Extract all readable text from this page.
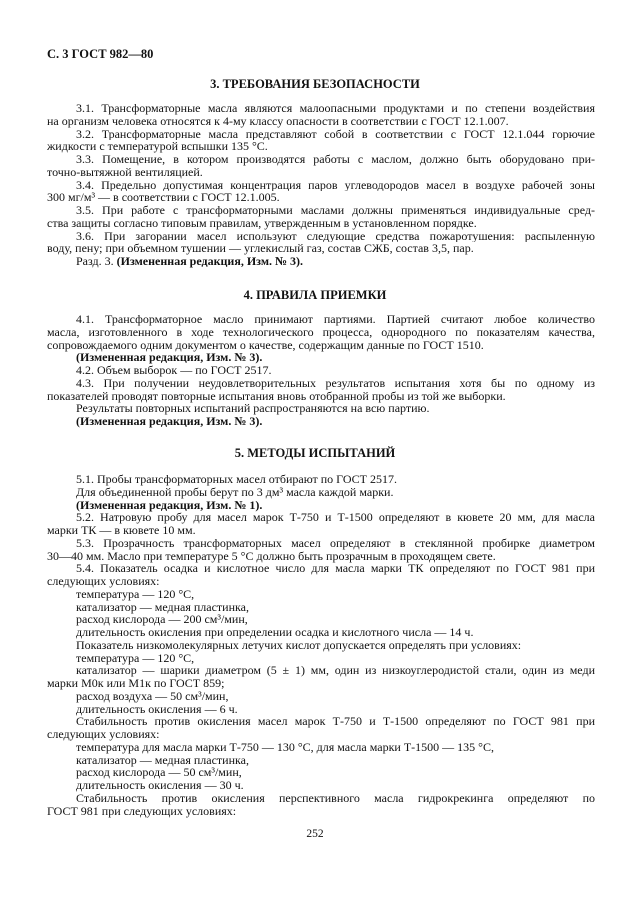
С. 3 ГОСТ 982—80
3. ТРЕБОВАНИЯ БЕЗОПАСНОСТИ
3.1. Трансформаторные масла являются малоопасными продуктами и по степени воздействия
на организм человека относятся к 4-му классу опасности в соответствии с ГОСТ 12.1.007.
3.2. Трансформаторные масла представляют собой в соответствии с ГОСТ 12.1.044 горючие
жидкости с температурой вспышки 135 °С.
3.3. Помещение, в котором производятся работы с маслом, должно быть оборудовано при-
точно-вытяжной вентиляцией.
3.4. Предельно допустимая концентрация паров углеводородов масел в воздухе рабочей зоны
300 мг/м³ — в соответствии с ГОСТ 12.1.005.
3.5. При работе с трансформаторными маслами должны применяться индивидуальные сред-
ства защиты согласно типовым правилам, утвержденным в установленном порядке.
3.6. При загорании масел используют следующие средства пожаротушения: распыленную
воду, пену; при объемном тушении — углекислый газ, состав СЖБ, состав 3,5, пар.
Разд. 3. (Измененная редакция, Изм. № 3).
4. ПРАВИЛА ПРИЕМКИ
4.1. Трансформаторное масло принимают партиями. Партией считают любое количество
масла, изготовленного в ходе технологического процесса, однородного по показателям качества,
сопровождаемого одним документом о качестве, содержащим данные по ГОСТ 1510.
(Измененная редакция, Изм. № 3).
4.2. Объем выборок — по ГОСТ 2517.
4.3. При получении неудовлетворительных результатов испытания хотя бы по одному из
показателей проводят повторные испытания вновь отобранной пробы из той же выборки.
Результаты повторных испытаний распространяются на всю партию.
(Измененная редакция, Изм. № 3).
5. МЕТОДЫ ИСПЫТАНИЙ
5.1. Пробы трансформаторных масел отбирают по ГОСТ 2517.
Для объединенной пробы берут по 3 дм³ масла каждой марки.
(Измененная редакция, Изм. № 1).
5.2. Натровую пробу для масел марок Т-750 и Т-1500 определяют в кювете 20 мм, для масла
марки ТК — в кювете 10 мм.
5.3. Прозрачность трансформаторных масел определяют в стеклянной пробирке диаметром
30—40 мм. Масло при температуре 5 °С должно быть прозрачным в проходящем свете.
5.4. Показатель осадка и кислотное число для масла марки ТК определяют по ГОСТ 981 при
следующих условиях:
температура — 120 °С,
катализатор — медная пластинка,
расход кислорода — 200 см³/мин,
длительность окисления при определении осадка и кислотного числа — 14 ч.
Показатель низкомолекулярных летучих кислот допускается определять при условиях:
температура — 120 °С,
катализатор — шарики диаметром (5 ± 1) мм, один из низкоуглеродистой стали, один из меди
марки М0к или М1к по ГОСТ 859;
расход воздуха — 50 см³/мин,
длительность окисления — 6 ч.
Стабильность против окисления масел марок Т-750 и Т-1500 определяют по ГОСТ 981 при
следующих условиях:
температура для масла марки Т-750 — 130 °С, для масла марки Т-1500 — 135 °С,
катализатор — медная пластинка,
расход кислорода — 50 см³/мин,
длительность окисления — 30 ч.
Стабильность против окисления перспективного масла гидрокрекинга определяют по
ГОСТ 981 при следующих условиях:
252
